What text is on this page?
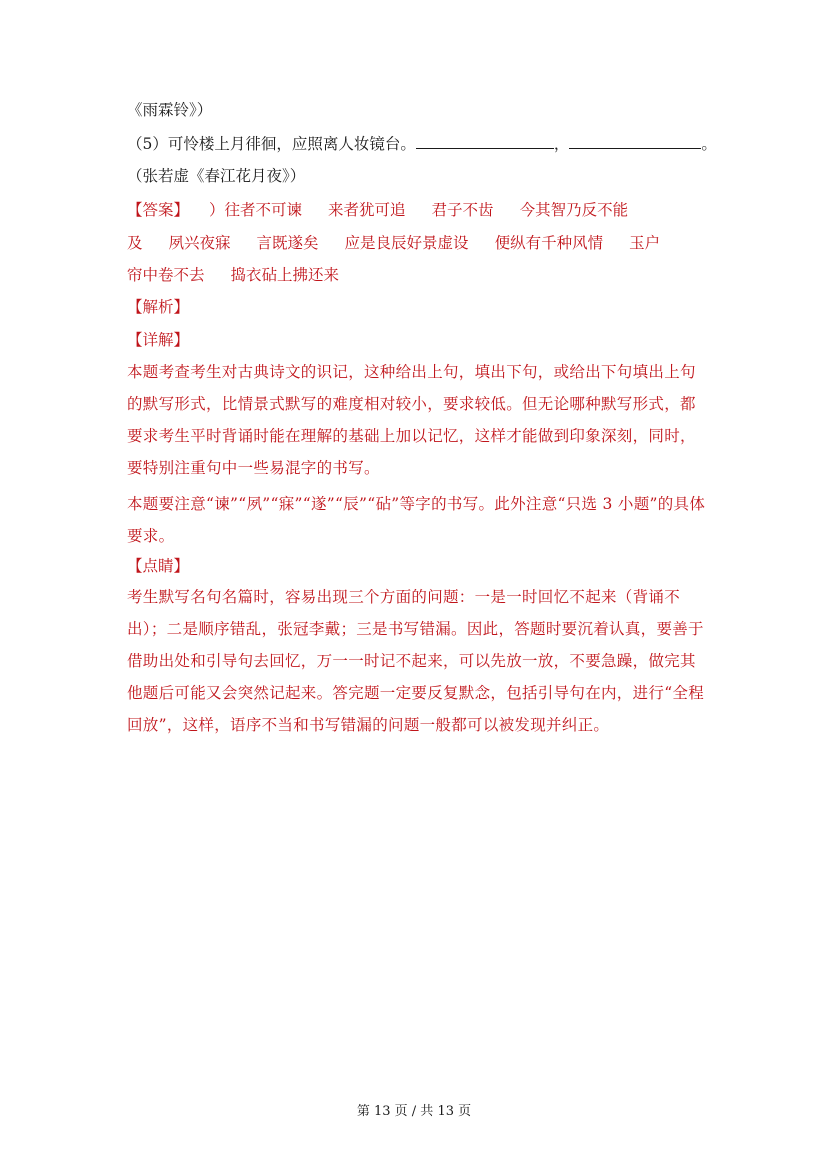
《雨霖铃》）
（5）可怜楼上月徘徊，应照离人妆镜台。	，	。
（张若虚《春江花月夜》）
【答案】 ）往者不可谏 来者犹可追 君子不齿 今其智乃反不能
及 夙兴夜寐 言既遂矣 应是良辰好景虚设 便纵有千种风情 玉户
帘中卷不去 捣衣砧上拂还来
【解析】
【详解】
本题考查考生对古典诗文的识记，这种给出上句，填出下句，或给出下句填出上句的默写形式，比情景式默写的难度相对较小，要求较低。但无论哪种默写形式，都要求考生平时背诵时能在理解的基础上加以记忆，这样才能做到印象深刻，同时，要特别注重句中一些易混字的书写。
本题要注意“谏”“夙”“寐”“遂”“辰”“砧”等字的书写。此外注意“只选 3 小题”的具体要求。
【点睛】
考生默写名句名篇时，容易出现三个方面的问题：一是一时回忆不起来（背诵不出）；二是顺序错乱，张冠李戴；三是书写错漏。因此，答题时要沉着认真，要善于借助出处和引导句去回忆，万一一时记不起来，可以先放一放，不要急躁，做完其他题后可能又会突然记起来。答完题一定要反复默念，包括引导句在内，进行“全程回放”，这样，语序不当和书写错漏的问题一般都可以被发现并纠正。
第 13 页 / 共 13 页
